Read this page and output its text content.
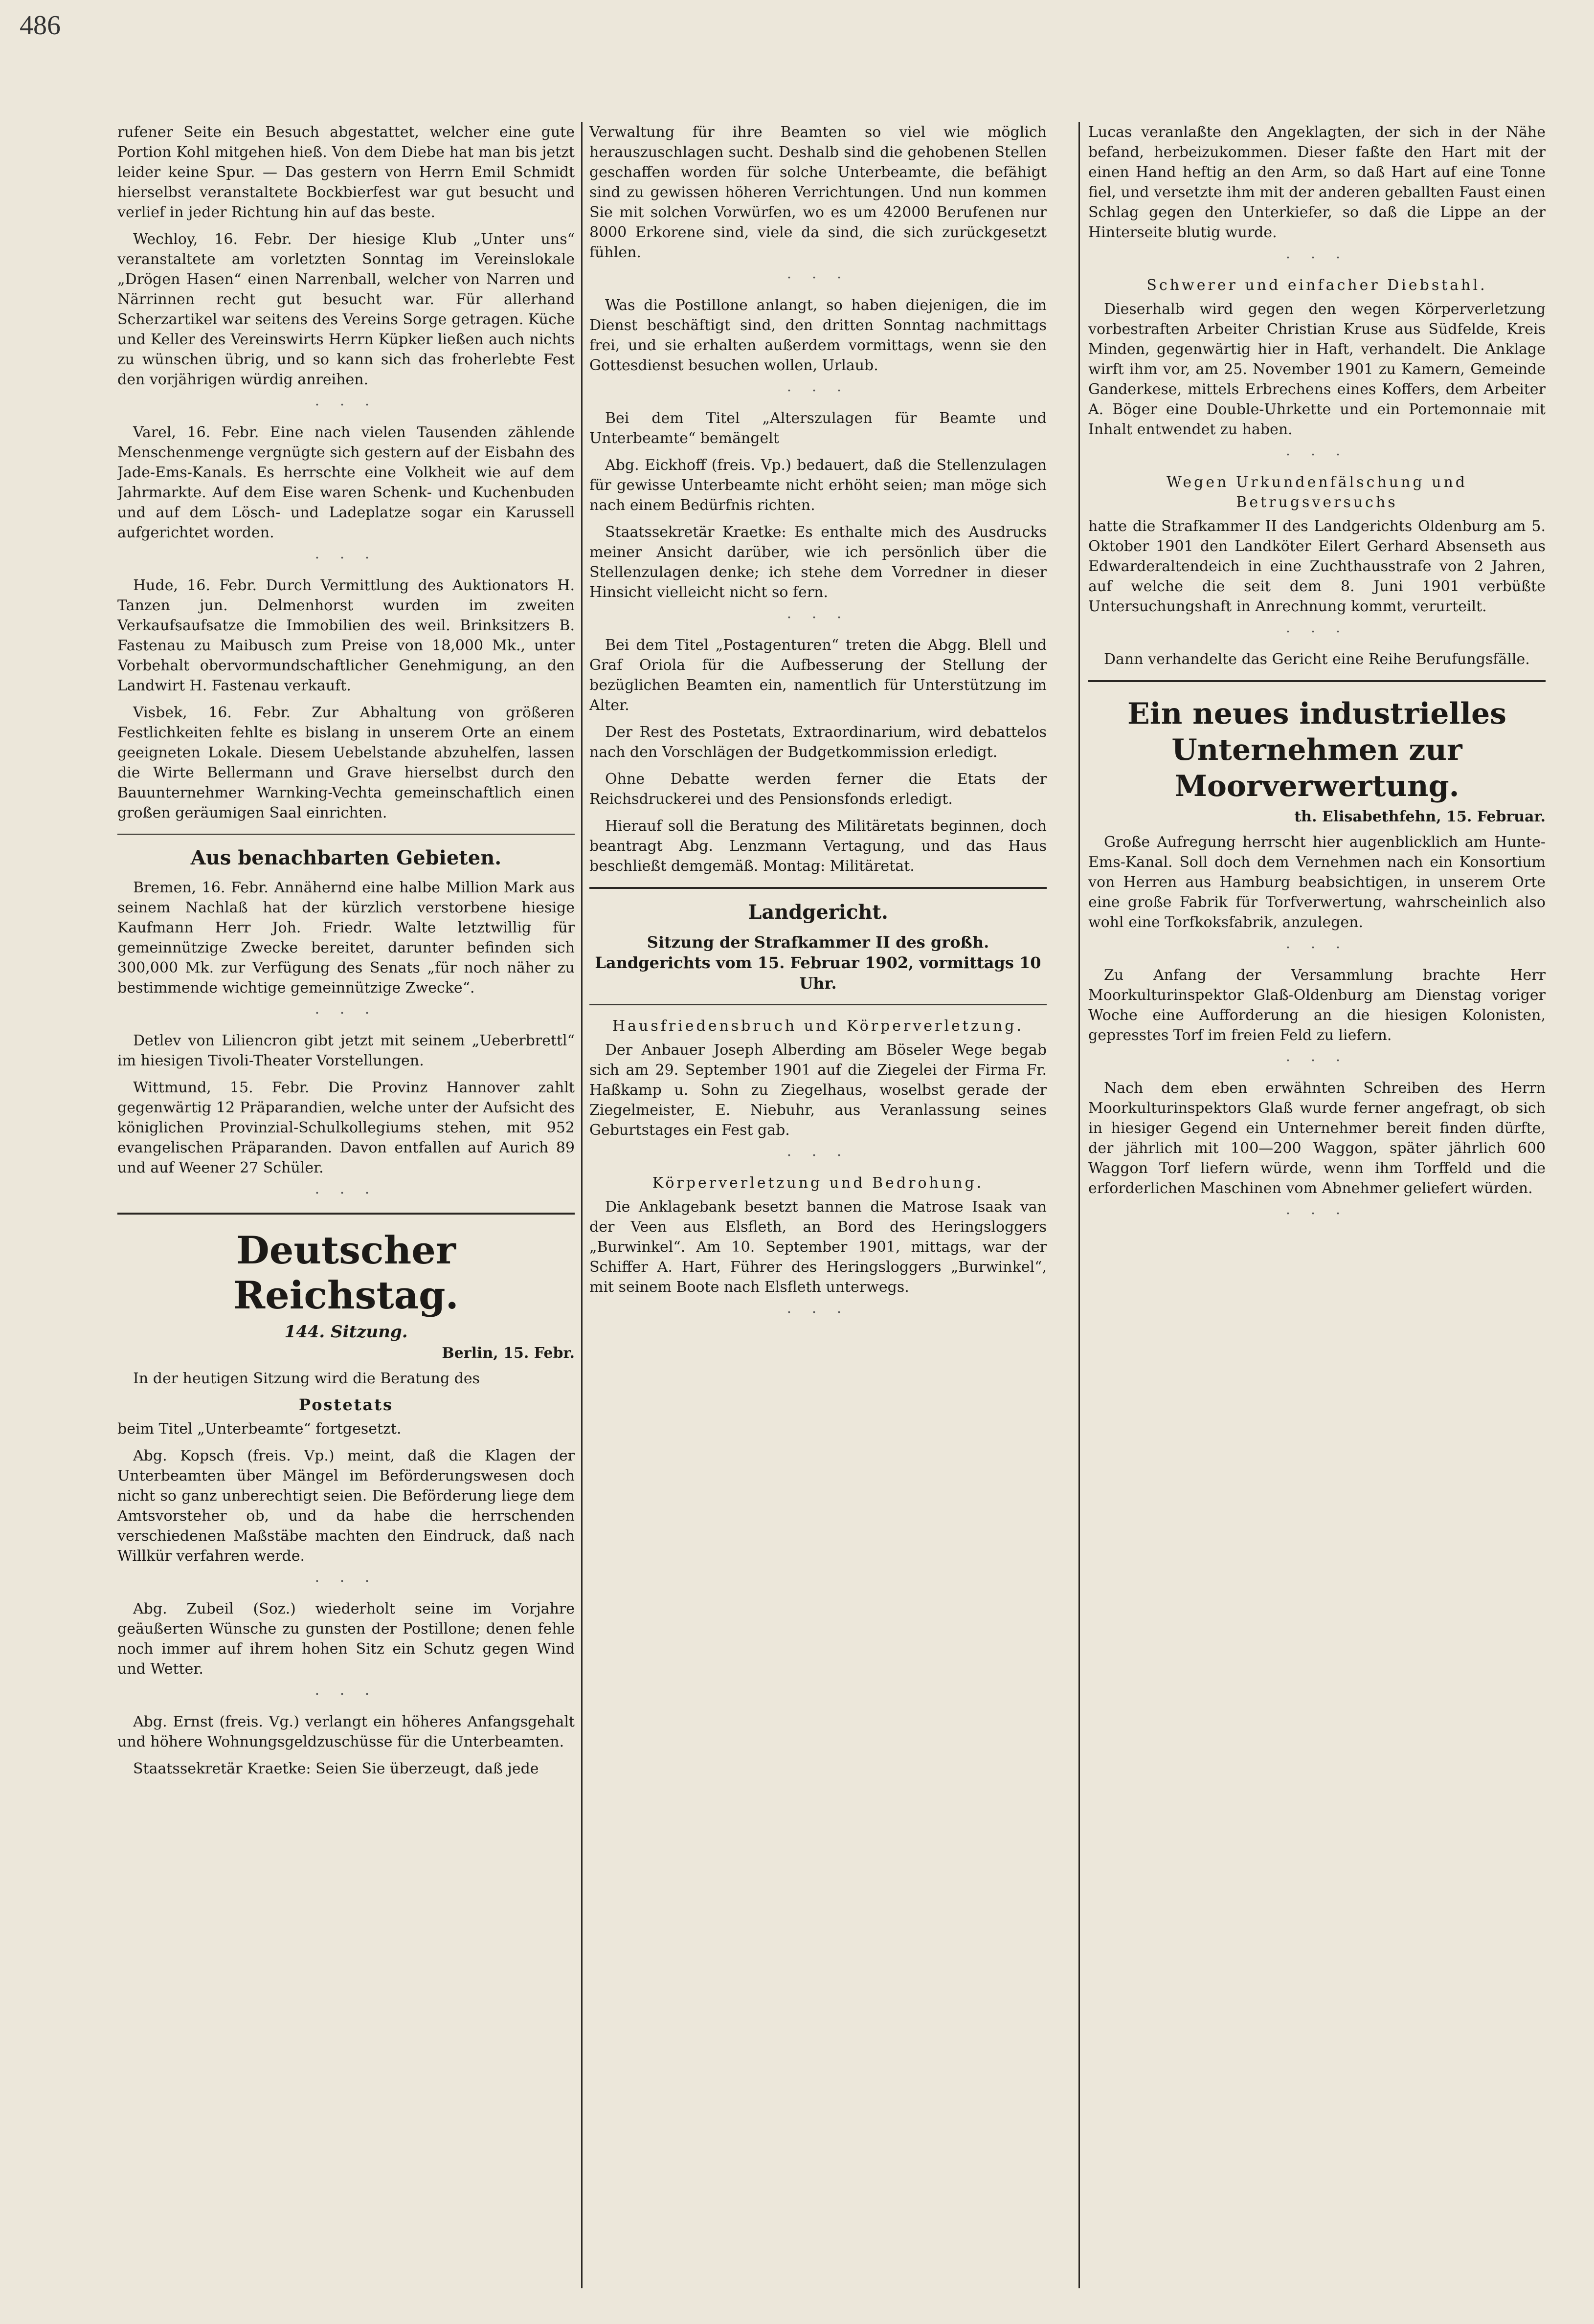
486

rufener Seite ein Besuch abgestattet, welcher eine gute Portion Kohl mitgehen hieß. Von dem Diebe hat man bis jetzt leider keine Spur. — Das gestern von Herrn Emil Schmidt hierselbst veranstaltete Bockbierfest war gut besucht und verlief in jeder Richtung hin auf das beste.

Wechloy, 16. Febr. Der hiesige Klub „Unter uns“ veranstaltete am vorletzten Sonntag im Vereinslokale „Drögen Hasen“ einen Narrenball, welcher von Narren und Närrinnen recht gut besucht war. Für allerhand Scherzartikel war seitens des Vereins Sorge getragen. Küche und Keller des Vereinswirts Herrn Küpker ließen auch nichts zu wünschen übrig, und so kann sich das froherlebte Fest den vorjährigen würdig anreihen.

· · ·

Varel, 16. Febr. Eine nach vielen Tausenden zählende Menschenmenge vergnügte sich gestern auf der Eisbahn des Jade-Ems-Kanals. Es herrschte eine Volkheit wie auf dem Jahrmarkte. Auf dem Eise waren Schenk- und Kuchenbuden und auf dem Lösch- und Ladeplatze sogar ein Karussell aufgerichtet worden.

· · ·

Hude, 16. Febr. Durch Vermittlung des Auktionators H. Tanzen jun. Delmenhorst wurden im zweiten Verkaufsaufsatze die Immobilien des weil. Brinksitzers B. Fastenau zu Maibusch zum Preise von 18,000 Mk., unter Vorbehalt obervormundschaftlicher Genehmigung, an den Landwirt H. Fastenau verkauft.

Visbek, 16. Febr. Zur Abhaltung von größeren Festlichkeiten fehlte es bislang in unserem Orte an einem geeigneten Lokale. Diesem Uebelstande abzuhelfen, lassen die Wirte Bellermann und Grave hierselbst durch den Bauunternehmer Warnking-Vechta gemeinschaftlich einen großen geräumigen Saal einrichten.

Aus benachbarten Gebieten.

Bremen, 16. Febr. Annähernd eine halbe Million Mark aus seinem Nachlaß hat der kürzlich verstorbene hiesige Kaufmann Herr Joh. Friedr. Walte letztwillig für gemeinnützige Zwecke bereitet, darunter befinden sich 300,000 Mk. zur Verfügung des Senats „für noch näher zu bestimmende wichtige gemeinnützige Zwecke“.

· · ·

Detlev von Liliencron gibt jetzt mit seinem „Ueberbrettl“ im hiesigen Tivoli-Theater Vorstellungen.

Wittmund, 15. Febr. Die Provinz Hannover zahlt gegenwärtig 12 Präparandien, welche unter der Aufsicht des königlichen Provinzial-Schulkollegiums stehen, mit 952 evangelischen Präparanden. Davon entfallen auf Aurich 89 und auf Weener 27 Schüler.

· · ·
Deutscher Reichstag.
144. Sitzung.
Berlin, 15. Febr.

In der heutigen Sitzung wird die Beratung des

Postetats

beim Titel „Unterbeamte“ fortgesetzt.

Abg. Kopsch (freis. Vp.) meint, daß die Klagen der Unterbeamten über Mängel im Beförderungswesen doch nicht so ganz unberechtigt seien. Die Beförderung liege dem Amtsvorsteher ob, und da habe die herrschenden verschiedenen Maßstäbe machten den Eindruck, daß nach Willkür verfahren werde.

· · ·

Abg. Zubeil (Soz.) wiederholt seine im Vorjahre geäußerten Wünsche zu gunsten der Postillone; denen fehle noch immer auf ihrem hohen Sitz ein Schutz gegen Wind und Wetter.

· · ·

Abg. Ernst (freis. Vg.) verlangt ein höheres Anfangsgehalt und höhere Wohnungsgeldzuschüsse für die Unterbeamten.

Staatssekretär Kraetke: Seien Sie überzeugt, daß jede

Verwaltung für ihre Beamten so viel wie möglich herauszuschlagen sucht. Deshalb sind die gehobenen Stellen geschaffen worden für solche Unterbeamte, die befähigt sind zu gewissen höheren Verrichtungen. Und nun kommen Sie mit solchen Vorwürfen, wo es um 42000 Berufenen nur 8000 Erkorene sind, viele da sind, die sich zurückgesetzt fühlen.

· · ·

Was die Postillone anlangt, so haben diejenigen, die im Dienst beschäftigt sind, den dritten Sonntag nachmittags frei, und sie erhalten außerdem vormittags, wenn sie den Gottesdienst besuchen wollen, Urlaub.

· · ·

Bei dem Titel „Alterszulagen für Beamte und Unterbeamte“ bemängelt

Abg. Eickhoff (freis. Vp.) bedauert, daß die Stellenzulagen für gewisse Unterbeamte nicht erhöht seien; man möge sich nach einem Bedürfnis richten.

Staatssekretär Kraetke: Es enthalte mich des Ausdrucks meiner Ansicht darüber, wie ich persönlich über die Stellenzulagen denke; ich stehe dem Vorredner in dieser Hinsicht vielleicht nicht so fern.

· · ·

Bei dem Titel „Postagenturen“ treten die Abgg. Blell und Graf Oriola für die Aufbesserung der Stellung der bezüglichen Beamten ein, namentlich für Unterstützung im Alter.

Der Rest des Postetats, Extraordinarium, wird debattelos nach den Vorschlägen der Budgetkommission erledigt.

Ohne Debatte werden ferner die Etats der Reichsdruckerei und des Pensionsfonds erledigt.

Hierauf soll die Beratung des Militäretats beginnen, doch beantragt Abg. Lenzmann Vertagung, und das Haus beschließt demgemäß. Montag: Militäretat.

Landgericht.
Sitzung der Strafkammer II des großh. Landgerichts vom 15. Februar 1902, vormittags 10 Uhr.
Hausfriedensbruch und Körperverletzung.

Der Anbauer Joseph Alberding am Böseler Wege begab sich am 29. September 1901 auf die Ziegelei der Firma Fr. Haßkamp u. Sohn zu Ziegelhaus, woselbst gerade der Ziegelmeister, E. Niebuhr, aus Veranlassung seines Geburtstages ein Fest gab.

· · ·
Körperverletzung und Bedrohung.

Die Anklagebank besetzt bannen die Matrose Isaak van der Veen aus Elsfleth, an Bord des Heringsloggers „Burwinkel“. Am 10. September 1901, mittags, war der Schiffer A. Hart, Führer des Heringsloggers „Burwinkel“, mit seinem Boote nach Elsfleth unterwegs.

· · ·

Lucas veranlaßte den Angeklagten, der sich in der Nähe befand, herbeizukommen. Dieser faßte den Hart mit der einen Hand heftig an den Arm, so daß Hart auf eine Tonne fiel, und versetzte ihm mit der anderen geballten Faust einen Schlag gegen den Unterkiefer, so daß die Lippe an der Hinterseite blutig wurde.

· · ·
Schwerer und einfacher Diebstahl.

Dieserhalb wird gegen den wegen Körperverletzung vorbestraften Arbeiter Christian Kruse aus Südfelde, Kreis Minden, gegenwärtig hier in Haft, verhandelt. Die Anklage wirft ihm vor, am 25. November 1901 zu Kamern, Gemeinde Ganderkese, mittels Erbrechens eines Koffers, dem Arbeiter A. Böger eine Double-Uhrkette und ein Portemonnaie mit Inhalt entwendet zu haben.

· · ·
Wegen Urkundenfälschung und Betrugsversuchs

hatte die Strafkammer II des Landgerichts Oldenburg am 5. Oktober 1901 den Landköter Eilert Gerhard Absenseth aus Edwarderaltendeich in eine Zuchthausstrafe von 2 Jahren, auf welche die seit dem 8. Juni 1901 verbüßte Untersuchungshaft in Anrechnung kommt, verurteilt.

· · ·

Dann verhandelte das Gericht eine Reihe Berufungsfälle.

Ein neues industrielles Unternehmen zur Moorverwertung.
th. Elisabethfehn, 15. Februar.

Große Aufregung herrscht hier augenblicklich am Hunte-Ems-Kanal. Soll doch dem Vernehmen nach ein Konsortium von Herren aus Hamburg beabsichtigen, in unserem Orte eine große Fabrik für Torfverwertung, wahrscheinlich also wohl eine Torfkoksfabrik, anzulegen.

· · ·

Zu Anfang der Versammlung brachte Herr Moorkulturinspektor Glaß-Oldenburg am Dienstag voriger Woche eine Aufforderung an die hiesigen Kolonisten, gepresstes Torf im freien Feld zu liefern.

· · ·

Nach dem eben erwähnten Schreiben des Herrn Moorkulturinspektors Glaß wurde ferner angefragt, ob sich in hiesiger Gegend ein Unternehmer bereit finden dürfte, der jährlich mit 100—200 Waggon, später jährlich 600 Waggon Torf liefern würde, wenn ihm Torffeld und die erforderlichen Maschinen vom Abnehmer geliefert würden.

· · ·
